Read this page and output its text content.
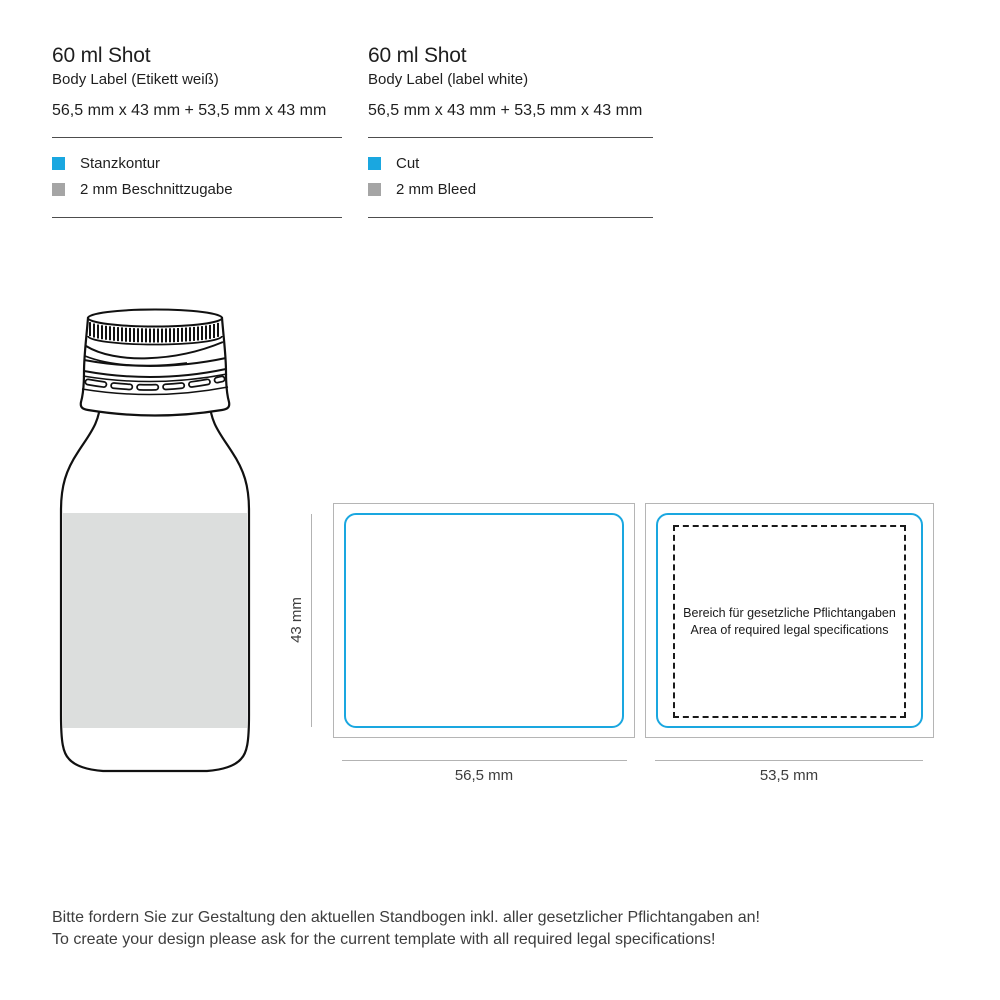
60 ml Shot
Body Label (Etikett weiß)
56,5 mm x 43 mm + 53,5 mm x 43 mm
Stanzkontur
2 mm Beschnittzugabe
60 ml Shot
Body Label (label white)
56,5 mm x 43 mm + 53,5 mm x 43 mm
Cut
2 mm Bleed
43 mm
56,5 mm
Bereich für gesetzliche Pflichtangaben
Area of required legal specifications
53,5 mm
Bitte fordern Sie zur Gestaltung den aktuellen Standbogen inkl. aller gesetzlicher Pflichtangaben an!
To create your design please ask for the current template with all required legal specifications!
